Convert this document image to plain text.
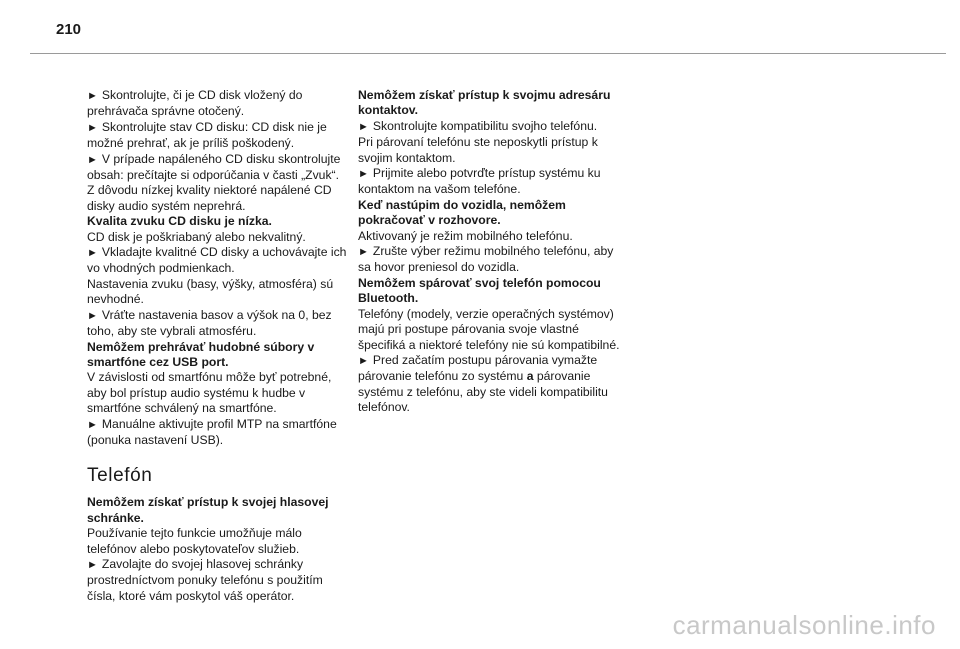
210

► Skontrolujte, či je CD disk vložený do prehrávača správne otočený.

► Skontrolujte stav CD disku: CD disk nie je možné prehrať, ak je príliš poškodený.

► V prípade napáleného CD disku skontrolujte obsah: prečítajte si odporúčania v časti „Zvuk“.

Z dôvodu nízkej kvality niektoré napálené CD disky audio systém neprehrá.

Kvalita zvuku CD disku je nízka.

CD disk je poškriabaný alebo nekvalitný.

► Vkladajte kvalitné CD disky a uchovávajte ich vo vhodných podmienkach.

Nastavenia zvuku (basy, výšky, atmosféra) sú nevhodné.

► Vráťte nastavenia basov a výšok na 0, bez toho, aby ste vybrali atmosféru.

Nemôžem prehrávať hudobné súbory v smartfóne cez USB port.

V závislosti od smartfónu môže byť potrebné, aby bol prístup audio systému k hudbe v smartfóne schválený na smartfóne.

► Manuálne aktivujte profil MTP na smartfóne (ponuka nastavení USB).

Telefón

Nemôžem získať prístup k svojej hlasovej schránke.

Používanie tejto funkcie umožňuje málo telefónov alebo poskytovateľov služieb.

► Zavolajte do svojej hlasovej schránky prostredníctvom ponuky telefónu s použitím čísla, ktoré vám poskytol váš operátor.

Nemôžem získať prístup k svojmu adresáru kontaktov.

► Skontrolujte kompatibilitu svojho telefónu.

Pri párovaní telefónu ste neposkytli prístup k svojim kontaktom.

► Prijmite alebo potvrďte prístup systému ku kontaktom na vašom telefóne.

Keď nastúpim do vozidla, nemôžem pokračovať v rozhovore.

Aktivovaný je režim mobilného telefónu.

► Zrušte výber režimu mobilného telefónu, aby sa hovor preniesol do vozidla.

Nemôžem spárovať svoj telefón pomocou Bluetooth.

Telefóny (modely, verzie operačných systémov) majú pri postupe párovania svoje vlastné špecifiká a niektoré telefóny nie sú kompatibilné.

► Pred začatím postupu párovania vymažte párovanie telefónu zo systému a párovanie systému z telefónu, aby ste videli kompatibilitu telefónov.

carmanualsonline.info
